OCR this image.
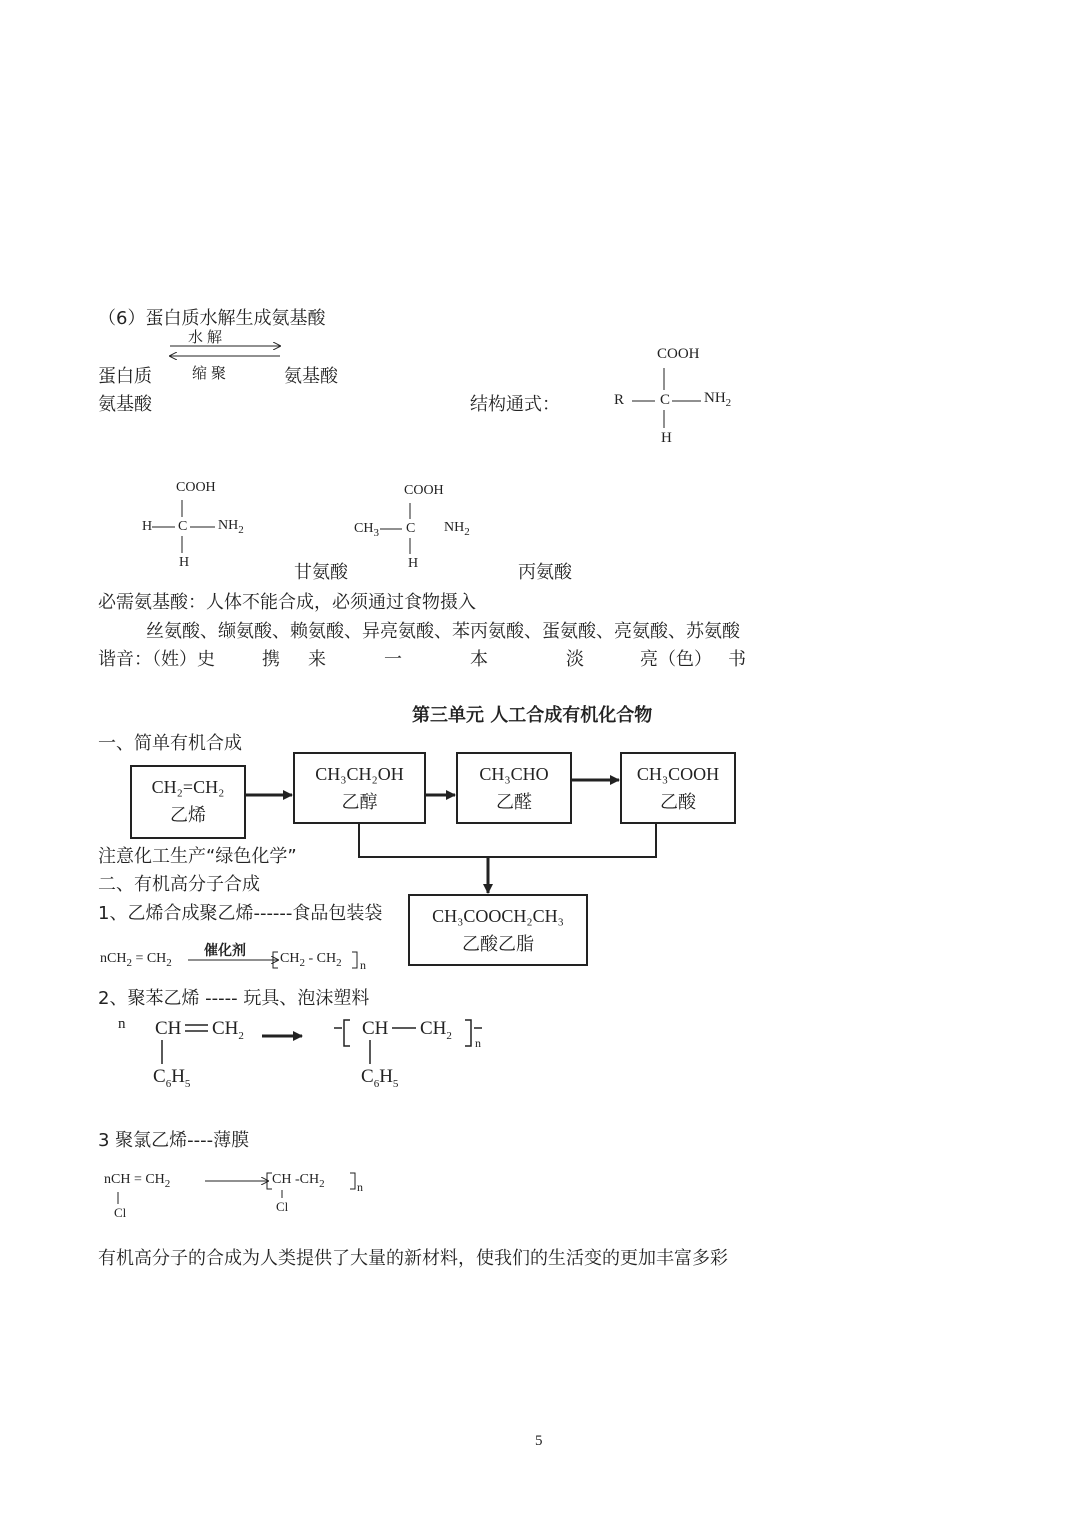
（6）蛋白质水解生成氨基酸
水解
缩聚
蛋白质	氨基酸
氨基酸	结构通式：
COOH
R C $NH_2$
H
COOH
H C $NH_2$
H
COOH
$CH_3$ C $NH_2$
H
甘氨酸	丙氨酸
必需氨基酸：人体不能合成，必须通过食物摄入
丝氨酸、缬氨酸、赖氨酸、异亮氨酸、苯丙氨酸、蛋氨酸、亮氨酸、苏氨酸
谐音：（姓）史	携 来	一	本	淡	亮（色） 书
第三单元 人工合成有机化合物
一、简单有机合成
CH₂=CH₂
乙烯
CH₃CH₂OH
乙醇
CH₃CHO
乙醛
CH₃COOH
乙酸
CH₃COOCH₂CH₃
乙酸乙脂
注意化工生产“绿色化学”
二、有机高分子合成
1、乙烯合成聚乙烯------食品包装袋
$nCH_2 = CH_2$
催化剂 $CH_2 - CH_2$ n
2、聚苯乙烯 ----- 玩具、泡沫塑料
n CH $CH_2$
$C_6H_5$
CH $CH_2$
$C_6H_5$
n
3 聚氯乙烯----薄膜
nCH = $CH_2$
Cl
CH $-CH_2$	n
Cl
有机高分子的合成为人类提供了大量的新材料，使我们的生活变的更加丰富多彩
5
